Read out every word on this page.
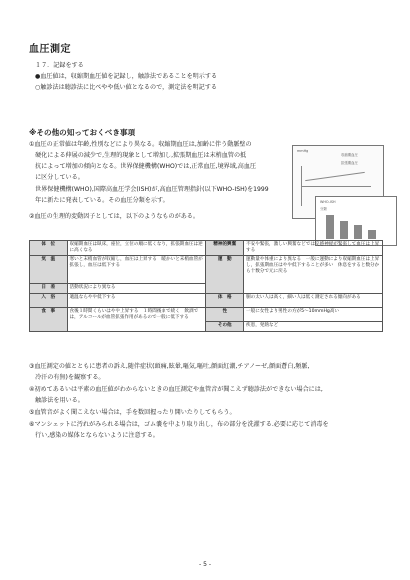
血圧測定
１７．記録をする
●血圧値は，収縮期血圧値を記録し，触診法であることを明示する
○触診法は聴診法に比べやや低い値となるので，測定法を明記する
※その他の知っておくべき事項
①血圧の正常値は年齢,性別などにより異なる。収縮期血圧は,加齢に伴う動脈壁の
　硬化による伸展の減少で,生理的現象として増加し,拡張期血圧は末梢血管の抵
　抗によって増加の傾向となる。世界保健機構(WHO)では,正常血圧,境界域,高血圧
　に区分している。
　世界保健機構(WHO),国際高血圧学会(ISH)が,高血圧管理指針(以下WHO-ISH)を1999
　年に新たに発表している。その血圧分類を示す。
②血圧の生理的変動因子としては，以下のようなものがある。
mmHg
収縮期血圧
拡張期血圧
WHO-ISH
分類
体　位	収縮期血圧は臥床，座位，立位の順に低くなり，拡張期血圧は逆に高くなる	精神的興奮	不安や緊張，激しい興奮などでは交感神経が緊張して血圧は上昇する
気　温	寒いと末梢血管が収縮し，血圧は上昇する　暖かいと末梢血管が拡張し，血圧は低下する	運　動	運動量や体重により異なる　一般に運動により収縮期血圧は上昇し，拡張期血圧はやや低下することが多い　休息をすると数分から十数分で元に戻る
日　差	活動状況により異なる		
入　浴	適温ならやや低下する	体　格	胴の太い人は高く，細い人は低く測定される傾向がある
食　事	食後１時間くらいはやや上昇する　１時間後まで続く　飲酒では，アルコールが血管拡張作用があるので一般に低下する	性	一般に女性より男性の方が5～10mmHg高い
		その他	疾患，発熱など
③血圧測定の値とともに患者の訴え,随伴症状(頭痛,眩暈,嘔気,嘔吐,顔面紅潮,チアノーゼ,顔面蒼白,頻脈,
　冷汗の有無)を観察する。
④初めてあるいは平素の血圧値がわからないときの血圧測定や血管音が聞こえず聴診法ができない場合には,
　触診法を用いる。
⑤血管音がよく聞こえない場合は，手を数回握ったり開いたりしてもらう。
⑥マンシェットに汚れがみられる場合は，ゴム嚢を中より取り出し，布の部分を洗濯する.必要に応じて消毒を
　行い,感染の媒体とならないように注意する。
- 5 -
